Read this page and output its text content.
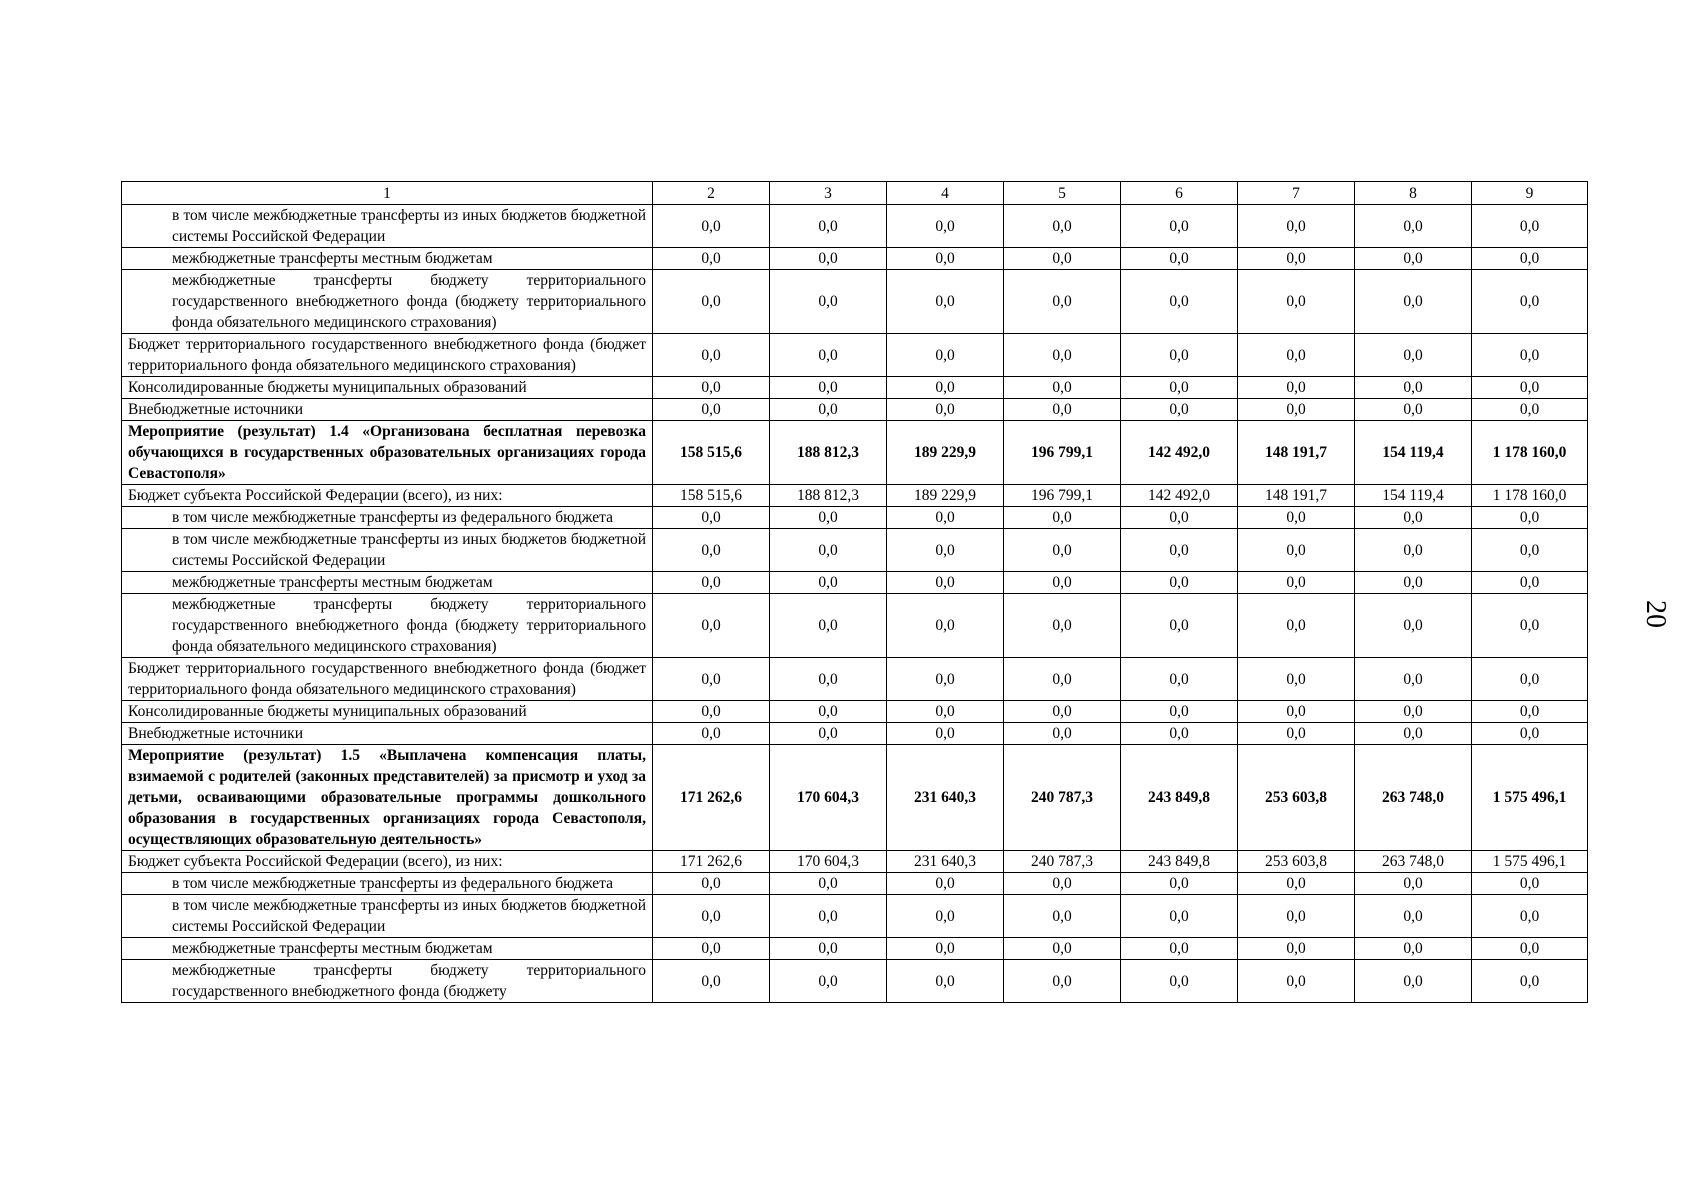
1	2	3	4	5	6	7	8	9
в том числе межбюджетные трансферты из иных бюджетов бюджетной системы Российской Федерации	0,0	0,0	0,0	0,0	0,0	0,0	0,0	0,0
межбюджетные трансферты местным бюджетам	0,0	0,0	0,0	0,0	0,0	0,0	0,0	0,0
межбюджетные трансферты бюджету территориального государственного внебюджетного фонда (бюджету территориального фонда обязательного медицинского страхования)	0,0	0,0	0,0	0,0	0,0	0,0	0,0	0,0
Бюджет территориального государственного внебюджетного фонда (бюджет территориального фонда обязательного медицинского страхования)	0,0	0,0	0,0	0,0	0,0	0,0	0,0	0,0
Консолидированные бюджеты муниципальных образований	0,0	0,0	0,0	0,0	0,0	0,0	0,0	0,0
Внебюджетные источники	0,0	0,0	0,0	0,0	0,0	0,0	0,0	0,0
Мероприятие (результат) 1.4 «Организована бесплатная перевозка обучающихся в государственных образовательных организациях города Севастополя»	158 515,6	188 812,3	189 229,9	196 799,1	142 492,0	148 191,7	154 119,4	1 178 160,0
Бюджет субъекта Российской Федерации (всего), из них:	158 515,6	188 812,3	189 229,9	196 799,1	142 492,0	148 191,7	154 119,4	1 178 160,0
в том числе межбюджетные трансферты из федерального бюджета	0,0	0,0	0,0	0,0	0,0	0,0	0,0	0,0
в том числе межбюджетные трансферты из иных бюджетов бюджетной системы Российской Федерации	0,0	0,0	0,0	0,0	0,0	0,0	0,0	0,0
межбюджетные трансферты местным бюджетам	0,0	0,0	0,0	0,0	0,0	0,0	0,0	0,0
межбюджетные трансферты бюджету территориального государственного внебюджетного фонда (бюджету территориального фонда обязательного медицинского страхования)	0,0	0,0	0,0	0,0	0,0	0,0	0,0	0,0
Бюджет территориального государственного внебюджетного фонда (бюджет территориального фонда обязательного медицинского страхования)	0,0	0,0	0,0	0,0	0,0	0,0	0,0	0,0
Консолидированные бюджеты муниципальных образований	0,0	0,0	0,0	0,0	0,0	0,0	0,0	0,0
Внебюджетные источники	0,0	0,0	0,0	0,0	0,0	0,0	0,0	0,0
Мероприятие (результат) 1.5 «Выплачена компенсация платы, взимаемой с родителей (законных представителей) за присмотр и уход за детьми, осваивающими образовательные программы дошкольного образования в государственных организациях города Севастополя, осуществляющих образовательную деятельность»	171 262,6	170 604,3	231 640,3	240 787,3	243 849,8	253 603,8	263 748,0	1 575 496,1
Бюджет субъекта Российской Федерации (всего), из них:	171 262,6	170 604,3	231 640,3	240 787,3	243 849,8	253 603,8	263 748,0	1 575 496,1
в том числе межбюджетные трансферты из федерального бюджета	0,0	0,0	0,0	0,0	0,0	0,0	0,0	0,0
в том числе межбюджетные трансферты из иных бюджетов бюджетной системы Российской Федерации	0,0	0,0	0,0	0,0	0,0	0,0	0,0	0,0
межбюджетные трансферты местным бюджетам	0,0	0,0	0,0	0,0	0,0	0,0	0,0	0,0
межбюджетные трансферты бюджету территориального государственного внебюджетного фонда (бюджету	0,0	0,0	0,0	0,0	0,0	0,0	0,0	0,0
20
